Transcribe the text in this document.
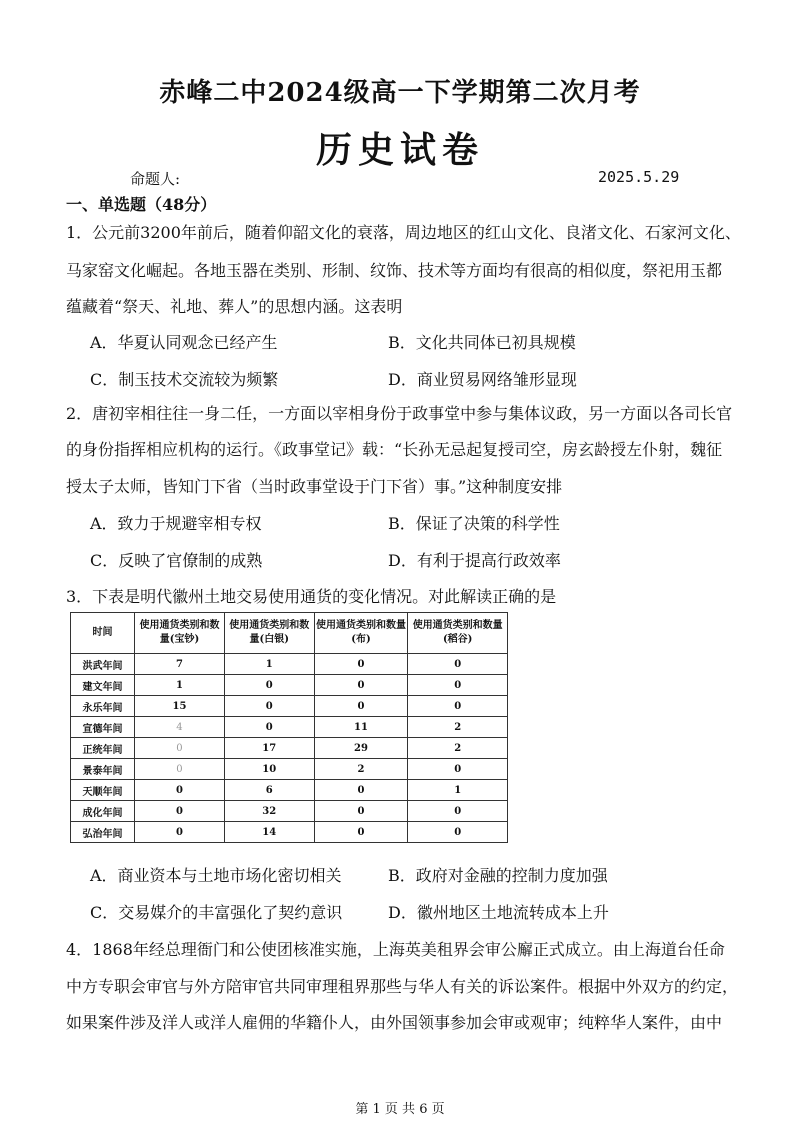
赤峰二中2024级高一下学期第二次月考
历史试卷
命题人:	2025.5.29
一、单选题（48分）
1．公元前3200年前后，随着仰韶文化的衰落，周边地区的红山文化、良渚文化、石家河文化、
马家窑文化崛起。各地玉器在类别、形制、纹饰、技术等方面均有很高的相似度，祭祀用玉都
蕴藏着“祭天、礼地、葬人”的思想内涵。这表明
A．华夏认同观念已经产生	B．文化共同体已初具规模
C．制玉技术交流较为频繁	D．商业贸易网络雏形显现
2．唐初宰相往往一身二任，一方面以宰相身份于政事堂中参与集体议政，另一方面以各司长官
的身份指挥相应机构的运行。《政事堂记》载：“长孙无忌起复授司空，房玄龄授左仆射，魏征
授太子太师，皆知门下省（当时政事堂设于门下省）事。”这种制度安排
A．致力于规避宰相专权	B．保证了决策的科学性
C．反映了官僚制的成熟	D．有利于提高行政效率
3．下表是明代徽州土地交易使用通货的变化情况。对此解读正确的是
时间	使用通货类别和数量(宝钞)	使用通货类别和数量(白银)	使用通货类别和数量(布)	使用通货类别和数量(稻谷)
洪武年间	7	1	0	0
建文年间	1	0	0	0
永乐年间	15	0	0	0
宣德年间	4	0	11	2
正统年间	0	17	29	2
景泰年间	0	10	2	0
天顺年间	0	6	0	1
成化年间	0	32	0	0
弘治年间	0	14	0	0
A．商业资本与土地市场化密切相关	B．政府对金融的控制力度加强
C．交易媒介的丰富强化了契约意识	D．徽州地区土地流转成本上升
4．1868年经总理衙门和公使团核准实施，上海英美租界会审公廨正式成立。由上海道台任命
中方专职会审官与外方陪审官共同审理租界那些与华人有关的诉讼案件。根据中外双方的约定，
如果案件涉及洋人或洋人雇佣的华籍仆人，由外国领事参加会审或观审；纯粹华人案件，由中
第 1 页 共 6 页
